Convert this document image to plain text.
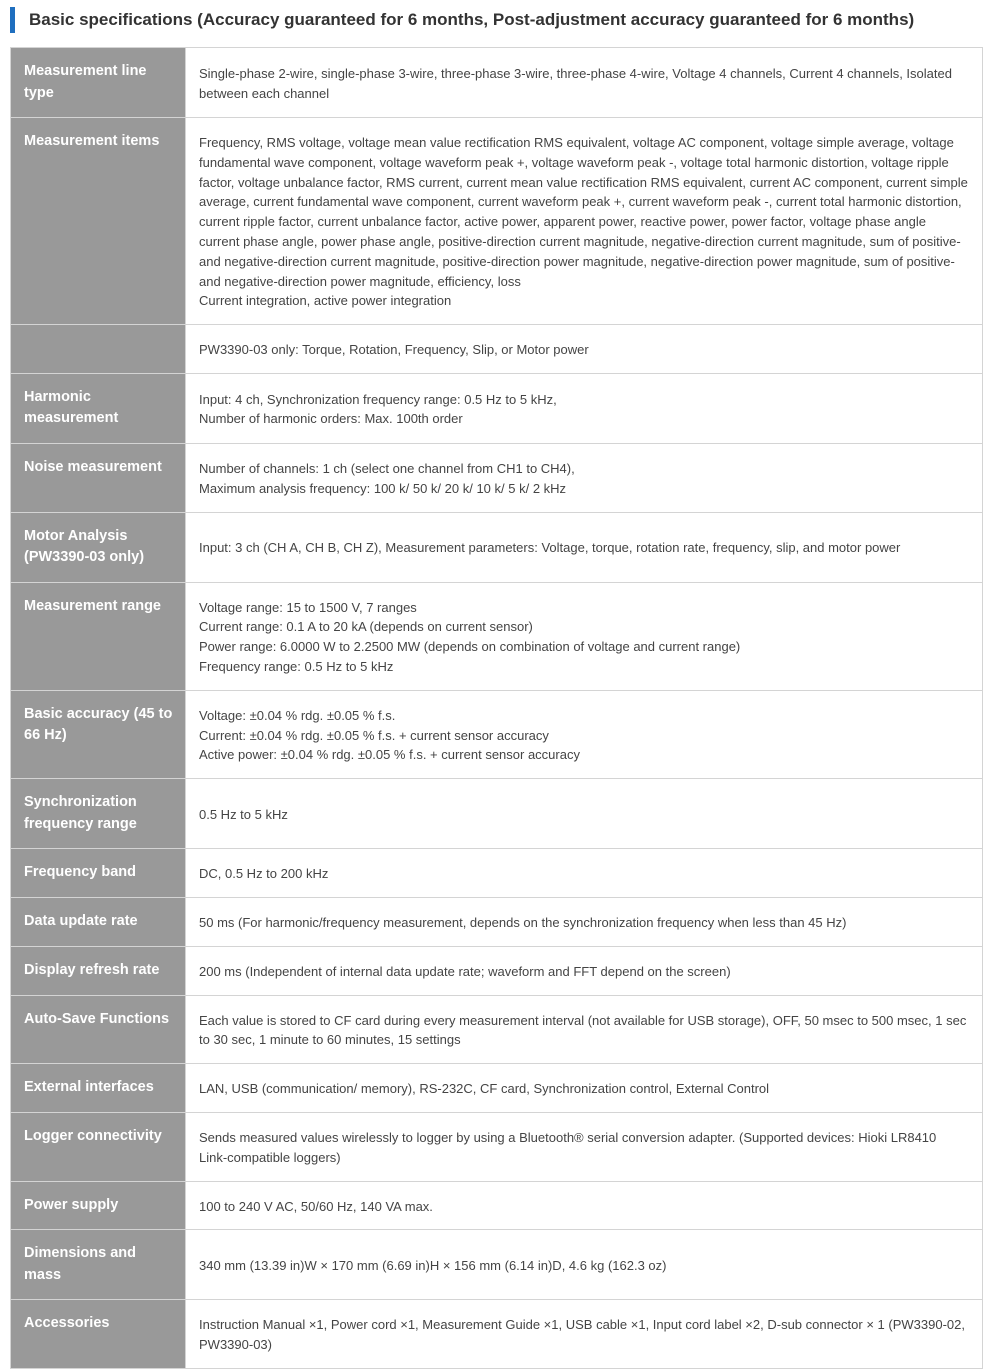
Basic specifications (Accuracy guaranteed for 6 months, Post-adjustment accuracy guaranteed for 6 months)
Measurement line type	Single-phase 2-wire, single-phase 3-wire, three-phase 3-wire, three-phase 4-wire, Voltage 4 channels, Current 4 channels, Isolated between each channel

Measurement items	Frequency, RMS voltage, voltage mean value rectification RMS equivalent, voltage AC component, voltage simple average, voltage fundamental wave component, voltage waveform peak +, voltage waveform peak -, voltage total harmonic distortion, voltage ripple factor, voltage unbalance factor, RMS current, current mean value rectification RMS equivalent, current AC component, current simple average, current fundamental wave component, current waveform peak +, current waveform peak -, current total harmonic distortion, current ripple factor, current unbalance factor, active power, apparent power, reactive power, power factor, voltage phase angle current phase angle, power phase angle, positive-direction current magnitude, negative-direction current magnitude, sum of positive- and negative-direction current magnitude, positive-direction power magnitude, negative-direction power magnitude, sum of positive- and negative-direction power magnitude, efficiency, loss
Current integration, active power integration

	PW3390-03 only: Torque, Rotation, Frequency, Slip, or Motor power

Harmonic measurement	Input: 4 ch, Synchronization frequency range: 0.5 Hz to 5 kHz,
Number of harmonic orders: Max. 100th order

Noise measurement	Number of channels: 1 ch (select one channel from CH1 to CH4),
Maximum analysis frequency: 100 k/ 50 k/ 20 k/ 10 k/ 5 k/ 2 kHz

Motor Analysis (PW3390-03 only)	Input: 3 ch (CH A, CH B, CH Z), Measurement parameters: Voltage, torque, rotation rate, frequency, slip, and motor power

Measurement range	Voltage range: 15 to 1500 V, 7 ranges
Current range: 0.1 A to 20 kA (depends on current sensor)
Power range: 6.0000 W to 2.2500 MW (depends on combination of voltage and current range)
Frequency range: 0.5 Hz to 5 kHz

Basic accuracy (45 to 66 Hz)	Voltage: ±0.04 % rdg. ±0.05 % f.s.
Current: ±0.04 % rdg. ±0.05 % f.s. + current sensor accuracy
Active power: ±0.04 % rdg. ±0.05 % f.s. + current sensor accuracy

Synchronization frequency range	0.5 Hz to 5 kHz

Frequency band	DC, 0.5 Hz to 200 kHz

Data update rate	50 ms (For harmonic/frequency measurement, depends on the synchronization frequency when less than 45 Hz)

Display refresh rate	200 ms (Independent of internal data update rate; waveform and FFT depend on the screen)

Auto-Save Functions	Each value is stored to CF card during every measurement interval (not available for USB storage), OFF, 50 msec to 500 msec, 1 sec to 30 sec, 1 minute to 60 minutes, 15 settings

External interfaces	LAN, USB (communication/ memory), RS-232C, CF card, Synchronization control, External Control

Logger connectivity	Sends measured values wirelessly to logger by using a Bluetooth® serial conversion adapter. (Supported devices: Hioki LR8410 Link-compatible loggers)

Power supply	100 to 240 V AC, 50/60 Hz, 140 VA max.

Dimensions and mass	340 mm (13.39 in)W × 170 mm (6.69 in)H × 156 mm (6.14 in)D, 4.6 kg (162.3 oz)

Accessories	Instruction Manual ×1, Power cord ×1, Measurement Guide ×1, USB cable ×1, Input cord label ×2, D-sub connector × 1 (PW3390-02, PW3390-03)
